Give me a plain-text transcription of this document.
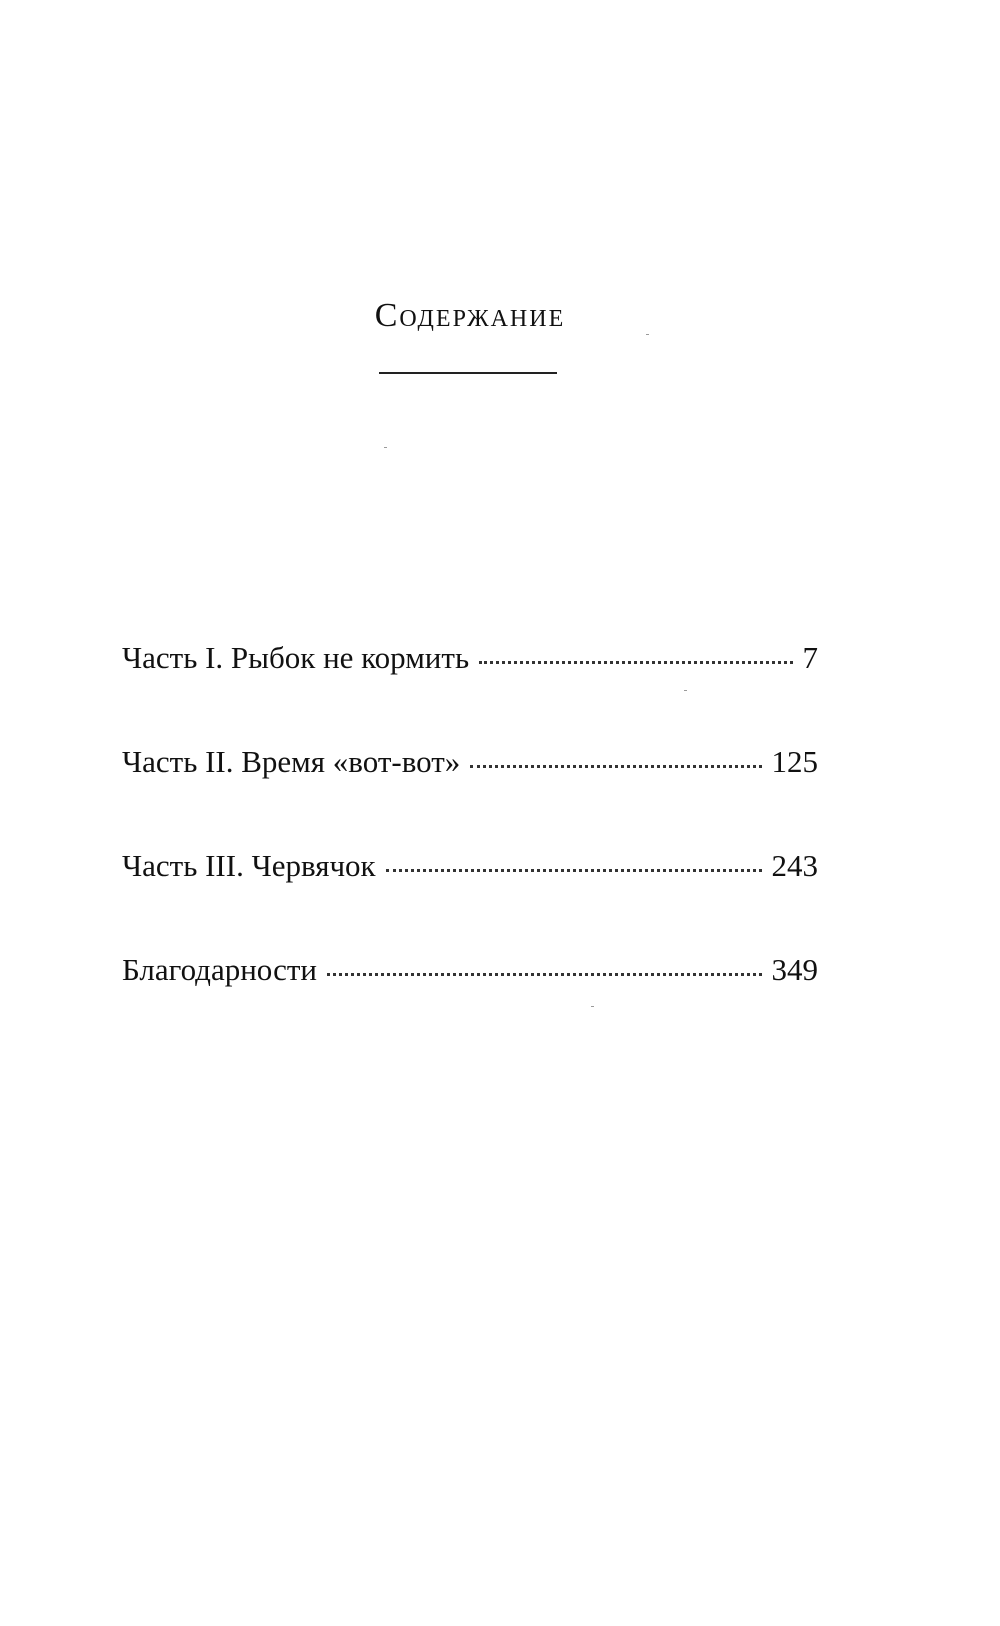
Содержание
Часть I. Рыбок не кормить	7
Часть II. Время «вот-вот»	125
Часть III. Червячок	243
Благодарности	349
